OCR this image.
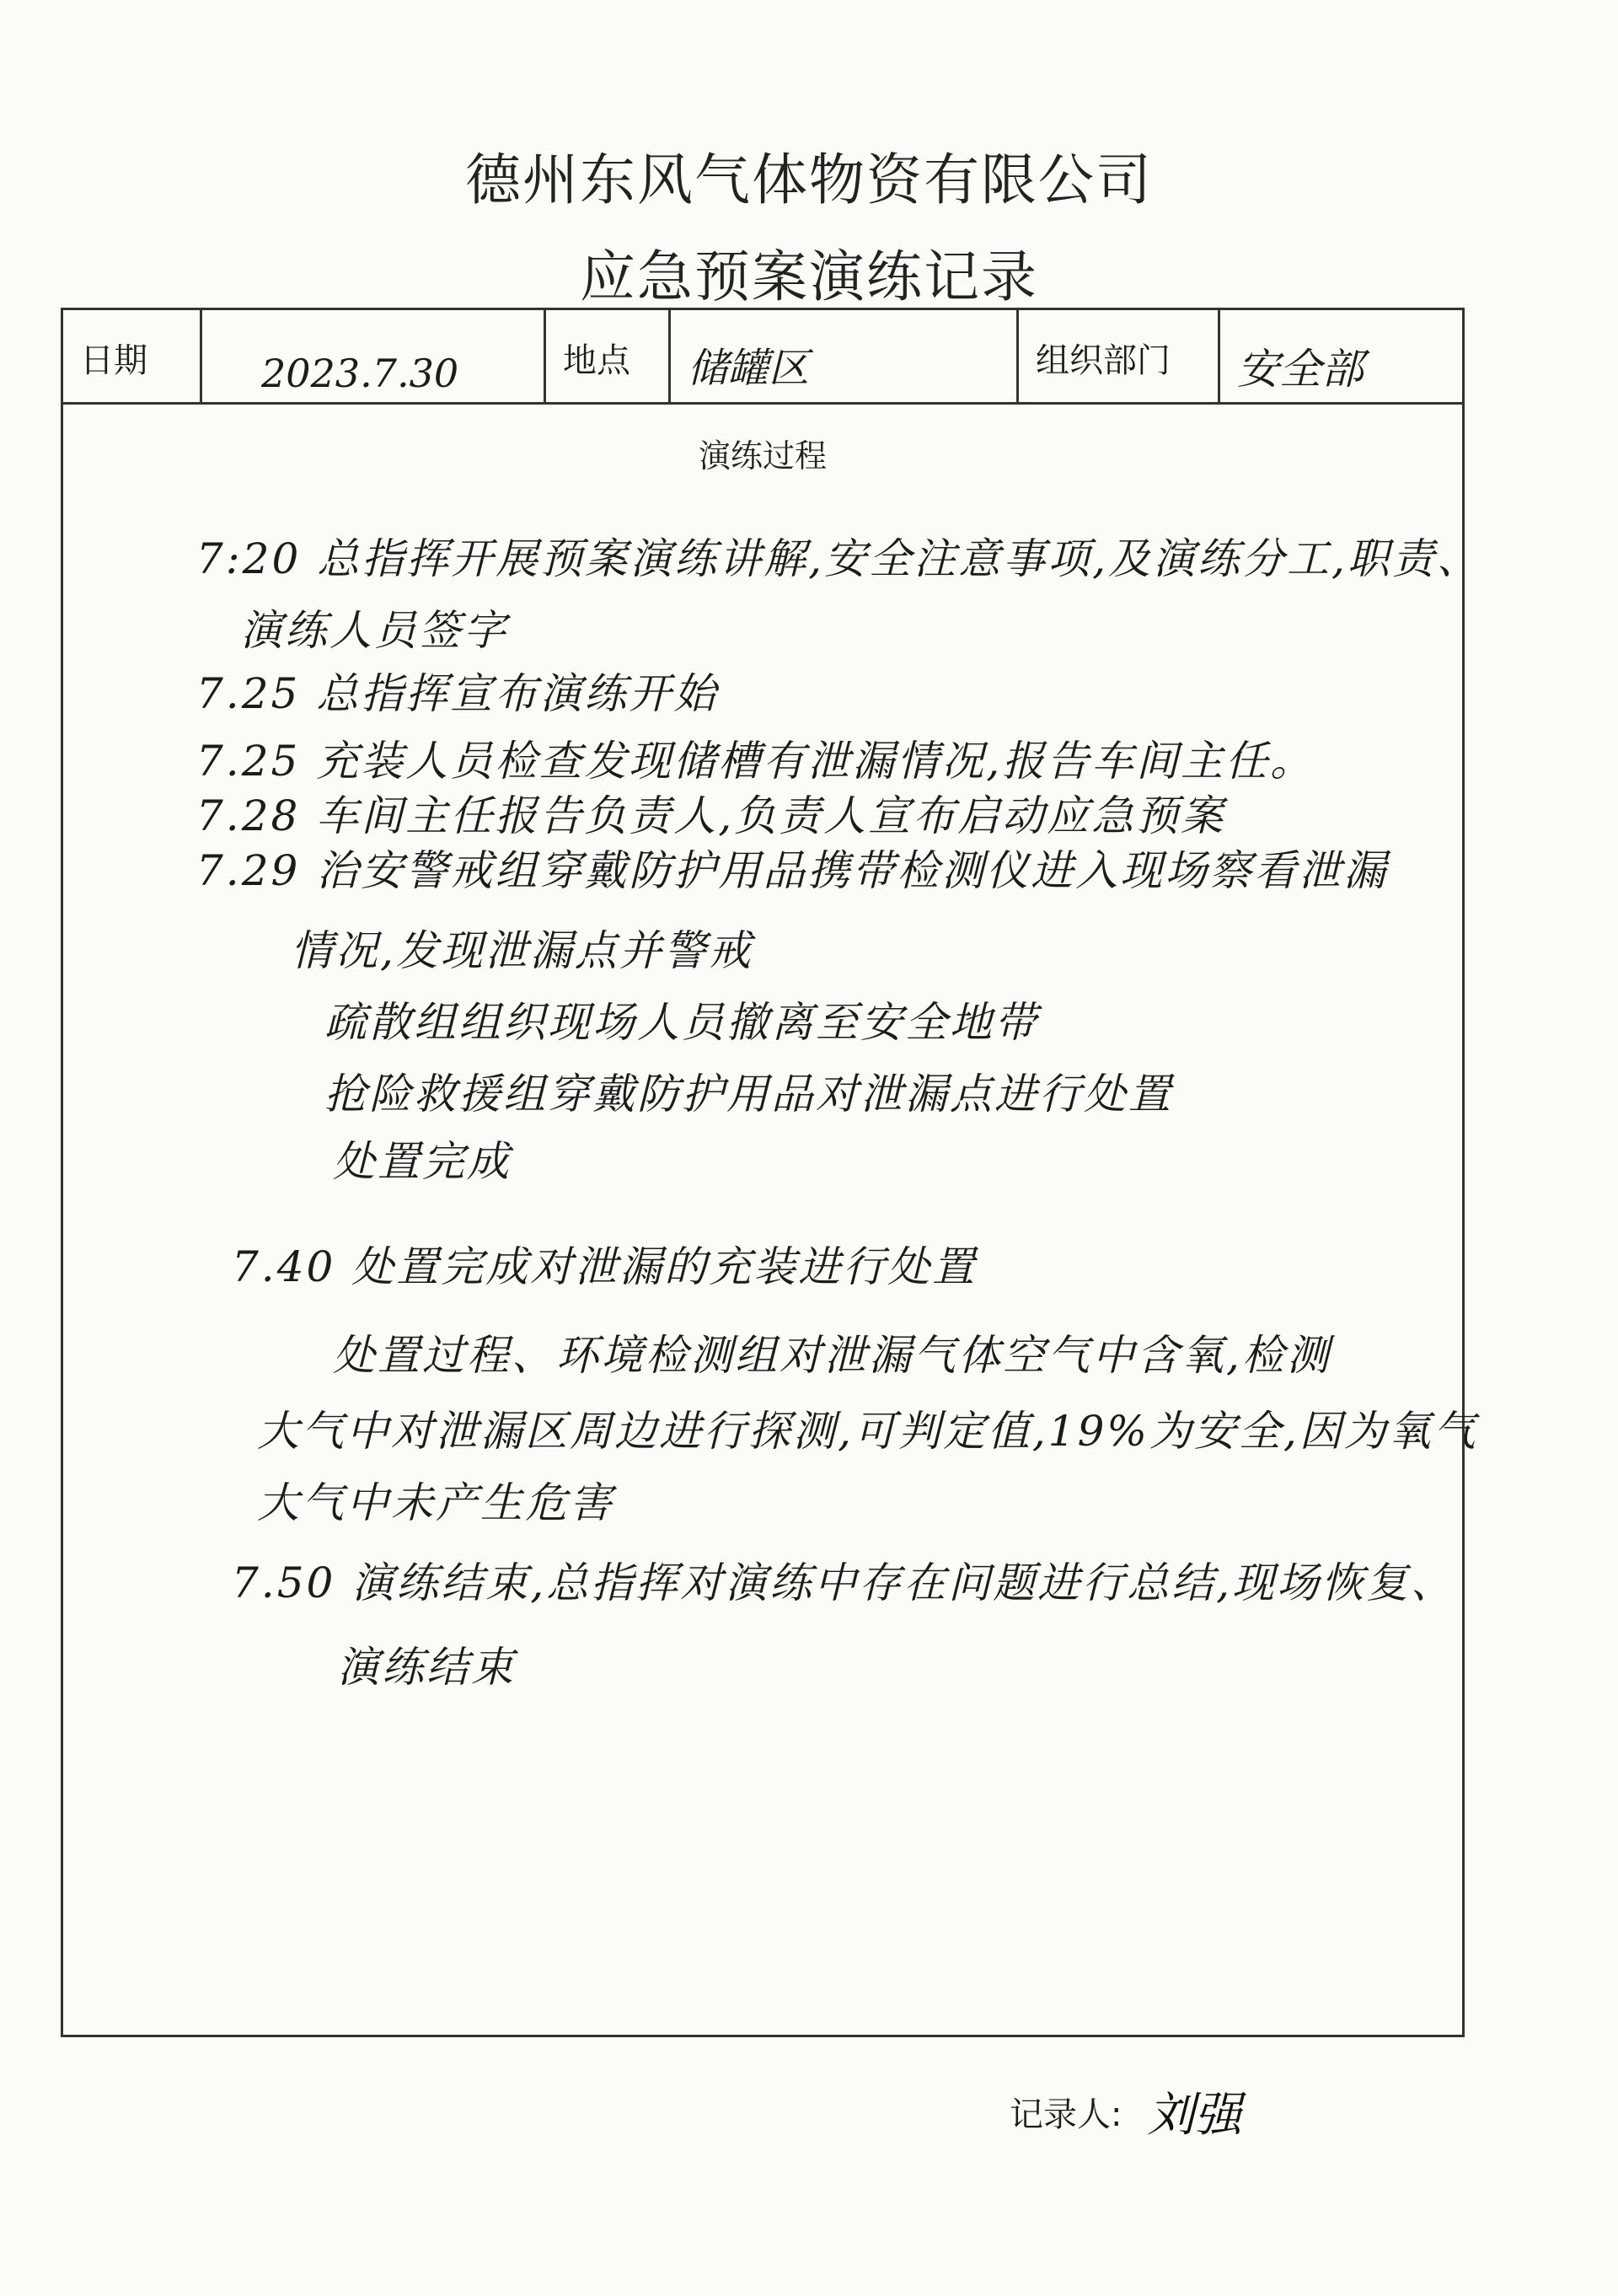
德州东风气体物资有限公司
应急预案演练记录
日期	2023.7.30	地点	储罐区	组织部门	安全部
演练过程
7:20 总指挥开展预案演练讲解,安全注意事项,及演练分工,职责、
演练人员签字
7.25 总指挥宣布演练开始
7.25 充装人员检查发现储槽有泄漏情况,报告车间主任。
7.28 车间主任报告负责人,负责人宣布启动应急预案
7.29 治安警戒组穿戴防护用品携带检测仪进入现场察看泄漏
情况,发现泄漏点并警戒
疏散组组织现场人员撤离至安全地带
抢险救援组穿戴防护用品对泄漏点进行处置
处置完成
7.40 处置完成对泄漏的充装进行处置
处置过程、环境检测组对泄漏气体空气中含氧,检测
大气中对泄漏区周边进行探测,可判定值,19%为安全,因为氧气
大气中未产生危害
7.50 演练结束,总指挥对演练中存在问题进行总结,现场恢复、
演练结束
记录人: 刘强
